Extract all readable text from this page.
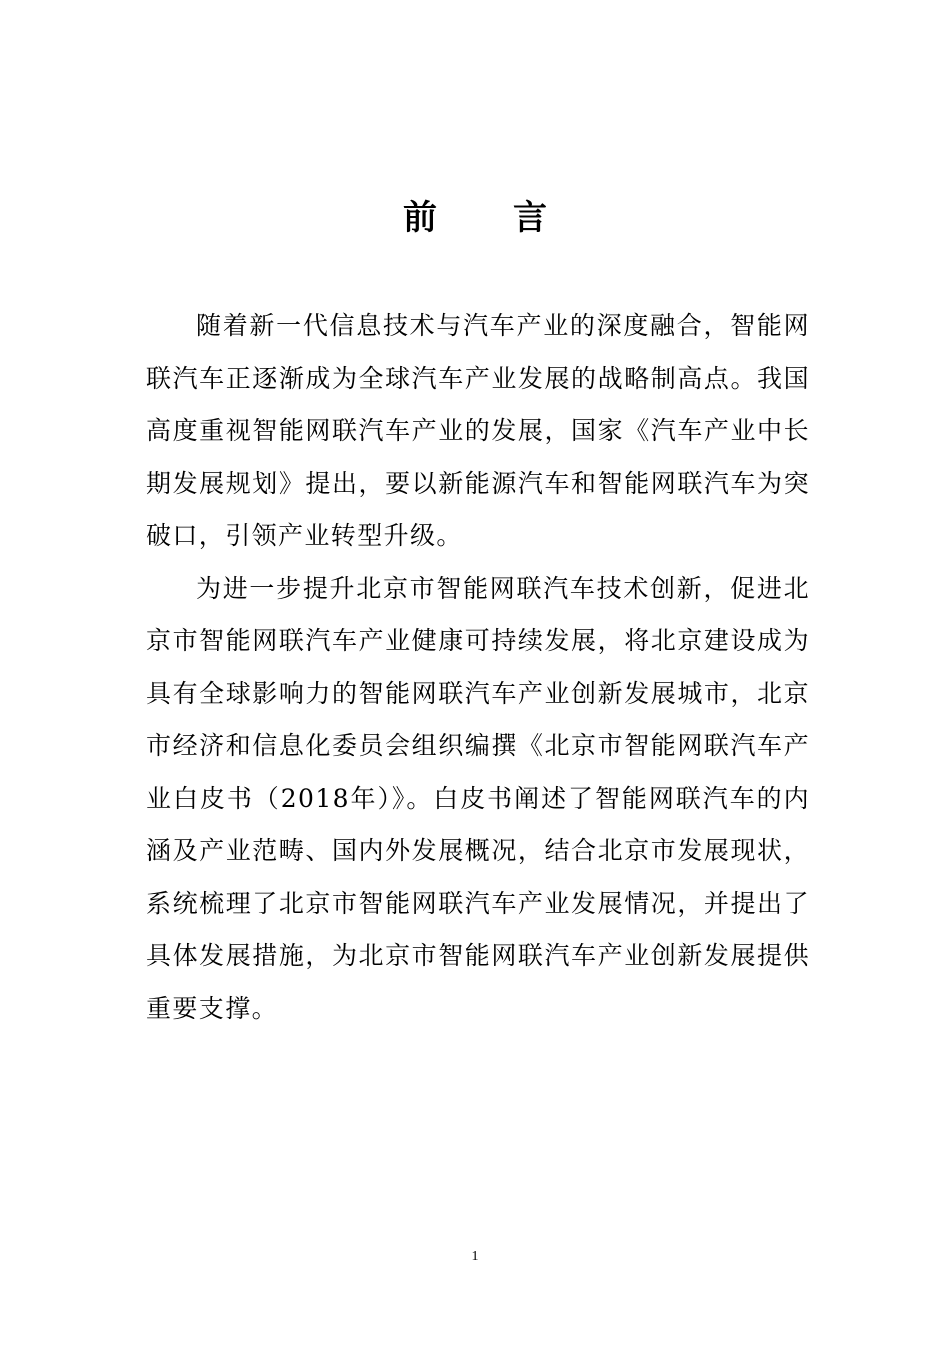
前言

随着新一代信息技术与汽车产业的深度融合，智能网联汽车正逐渐成为全球汽车产业发展的战略制高点。我国高度重视智能网联汽车产业的发展，国家《汽车产业中长期发展规划》提出，要以新能源汽车和智能网联汽车为突破口，引领产业转型升级。

为进一步提升北京市智能网联汽车技术创新，促进北京市智能网联汽车产业健康可持续发展，将北京建设成为具有全球影响力的智能网联汽车产业创新发展城市，北京市经济和信息化委员会组织编撰《北京市智能网联汽车产业白皮书（2018年）》。白皮书阐述了智能网联汽车的内涵及产业范畴、国内外发展概况，结合北京市发展现状，系统梳理了北京市智能网联汽车产业发展情况，并提出了具体发展措施，为北京市智能网联汽车产业创新发展提供重要支撑。

1
